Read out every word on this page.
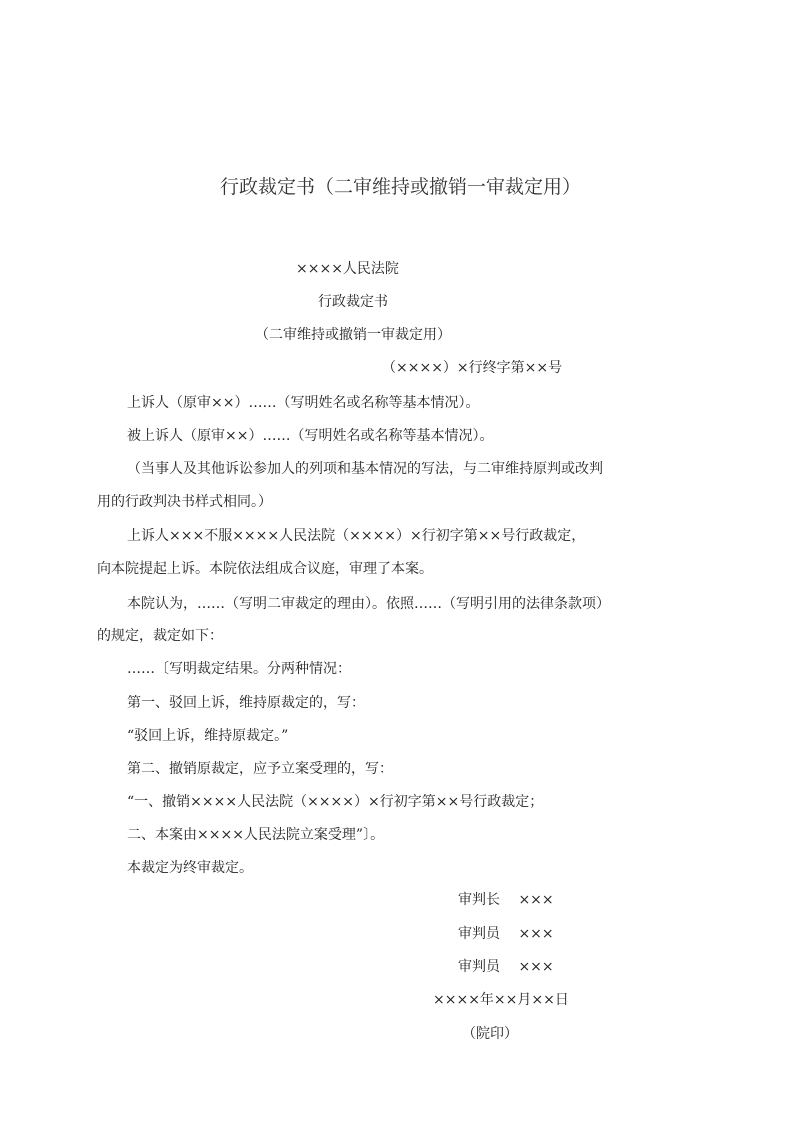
行政裁定书（二审维持或撤销一审裁定用）
××××人民法院
行政裁定书
（二审维持或撤销一审裁定用）
（××××）×行终字第××号
上诉人（原审××）……（写明姓名或名称等基本情况）。
被上诉人（原审××）……（写明姓名或名称等基本情况）。
（当事人及其他诉讼参加人的列项和基本情况的写法，与二审维持原判或改判
用的行政判决书样式相同。）
上诉人×××不服××××人民法院（××××）×行初字第××号行政裁定，
向本院提起上诉。本院依法组成合议庭，审理了本案。
本院认为，……（写明二审裁定的理由）。依照……（写明引用的法律条款项）
的规定，裁定如下：
……〔写明裁定结果。分两种情况：
第一、驳回上诉，维持原裁定的，写：
“驳回上诉，维持原裁定。”
第二、撤销原裁定，应予立案受理的，写：
“一、撤销××××人民法院（××××）×行初字第××号行政裁定；
二、本案由××××人民法院立案受理”〕。
本裁定为终审裁定。
审判长 ×××
审判员 ×××
审判员 ×××
××××年××月××日
（院印）
